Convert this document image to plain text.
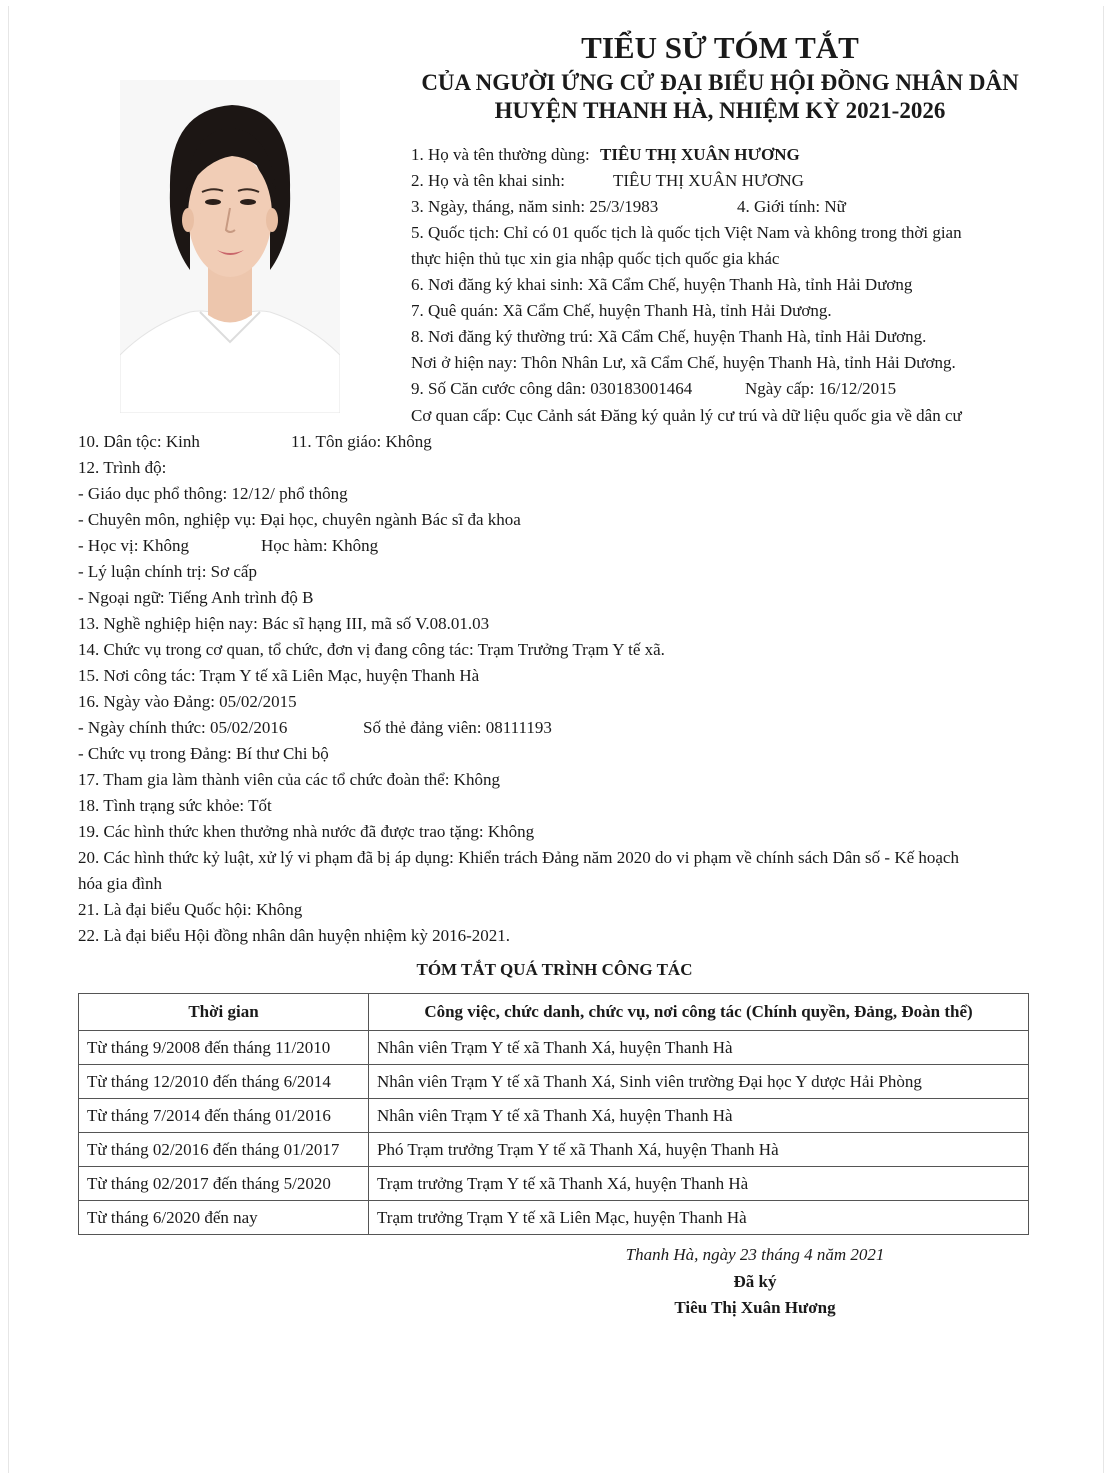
TIỂU SỬ TÓM TẮT
CỦA NGƯỜI ỨNG CỬ ĐẠI BIỂU HỘI ĐỒNG NHÂN DÂN
HUYỆN THANH HÀ, NHIỆM KỲ 2021-2026
1. Họ và tên thường dùng: TIÊU THỊ XUÂN HƯƠNG
2. Họ và tên khai sinh:	TIÊU THỊ XUÂN HƯƠNG
3. Ngày, tháng, năm sinh: 25/3/1983	4. Giới tính: Nữ
5. Quốc tịch: Chỉ có 01 quốc tịch là quốc tịch Việt Nam và không trong thời gian
thực hiện thủ tục xin gia nhập quốc tịch quốc gia khác
6. Nơi đăng ký khai sinh: Xã Cẩm Chế, huyện Thanh Hà, tỉnh Hải Dương
7. Quê quán: Xã Cẩm Chế, huyện Thanh Hà, tỉnh Hải Dương.
8. Nơi đăng ký thường trú: Xã Cẩm Chế, huyện Thanh Hà, tỉnh Hải Dương.
Nơi ở hiện nay: Thôn Nhân Lư, xã Cẩm Chế, huyện Thanh Hà, tỉnh Hải Dương.
9. Số Căn cước công dân: 030183001464	Ngày cấp: 16/12/2015
Cơ quan cấp: Cục Cảnh sát Đăng ký quản lý cư trú và dữ liệu quốc gia về dân cư
10. Dân tộc: Kinh	11. Tôn giáo: Không
12. Trình độ:
- Giáo dục phổ thông: 12/12/ phổ thông
- Chuyên môn, nghiệp vụ: Đại học, chuyên ngành Bác sĩ đa khoa
- Học vị: Không	Học hàm: Không
- Lý luận chính trị: Sơ cấp
- Ngoại ngữ: Tiếng Anh trình độ B
13. Nghề nghiệp hiện nay: Bác sĩ hạng III, mã số V.08.01.03
14. Chức vụ trong cơ quan, tổ chức, đơn vị đang công tác: Trạm Trưởng Trạm Y tế xã.
15. Nơi công tác: Trạm Y tế xã Liên Mạc, huyện Thanh Hà
16. Ngày vào Đảng: 05/02/2015
- Ngày chính thức: 05/02/2016	Số thẻ đảng viên: 08111193
- Chức vụ trong Đảng: Bí thư Chi bộ
17. Tham gia làm thành viên của các tổ chức đoàn thể: Không
18. Tình trạng sức khỏe: Tốt
19. Các hình thức khen thưởng nhà nước đã được trao tặng: Không
20. Các hình thức kỷ luật, xử lý vi phạm đã bị áp dụng: Khiển trách Đảng năm 2020 do vi phạm về chính sách Dân số - Kế hoạch
hóa gia đình
21. Là đại biểu Quốc hội: Không
22. Là đại biểu Hội đồng nhân dân huyện nhiệm kỳ 2016-2021.
TÓM TẮT QUÁ TRÌNH CÔNG TÁC
Thời gian	Công việc, chức danh, chức vụ, nơi công tác (Chính quyền, Đảng, Đoàn thể)
Từ tháng 9/2008 đến tháng 11/2010	Nhân viên Trạm Y tế xã Thanh Xá, huyện Thanh Hà
Từ tháng 12/2010 đến tháng 6/2014	Nhân viên Trạm Y tế xã Thanh Xá, Sinh viên trường Đại học Y dược Hải Phòng
Từ tháng 7/2014 đến tháng 01/2016	Nhân viên Trạm Y tế xã Thanh Xá, huyện Thanh Hà
Từ tháng 02/2016 đến tháng 01/2017	Phó Trạm trưởng Trạm Y tế xã Thanh Xá, huyện Thanh Hà
Từ tháng 02/2017 đến tháng 5/2020	Trạm trưởng Trạm Y tế xã Thanh Xá, huyện Thanh Hà
Từ tháng 6/2020 đến nay	Trạm trưởng Trạm Y tế xã Liên Mạc, huyện Thanh Hà
Thanh Hà, ngày 23 tháng 4 năm 2021
Đã ký
Tiêu Thị Xuân Hương
